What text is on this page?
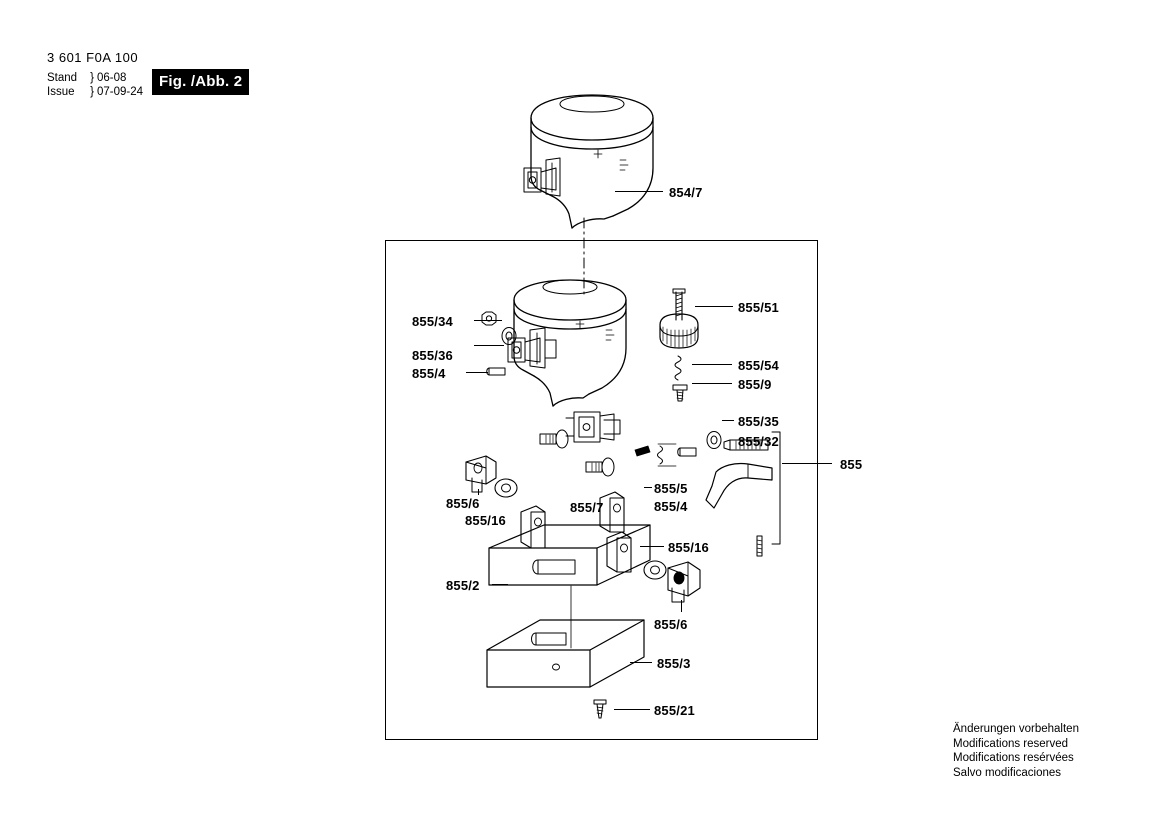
3 601 F0A 100
Stand } 06-08
Issue } 07-09-24
Fig. /Abb. 2
854/7
855/51
855/34
855/36
855/4
855/54
855/9
855/35
855/32
855
855/5
855/4
855/6
855/16
855/7
855/16
855/2
855/6
855/3
855/21
Änderungen vorbehalten
Modifications reserved
Modifications resérvées
Salvo modificaciones
